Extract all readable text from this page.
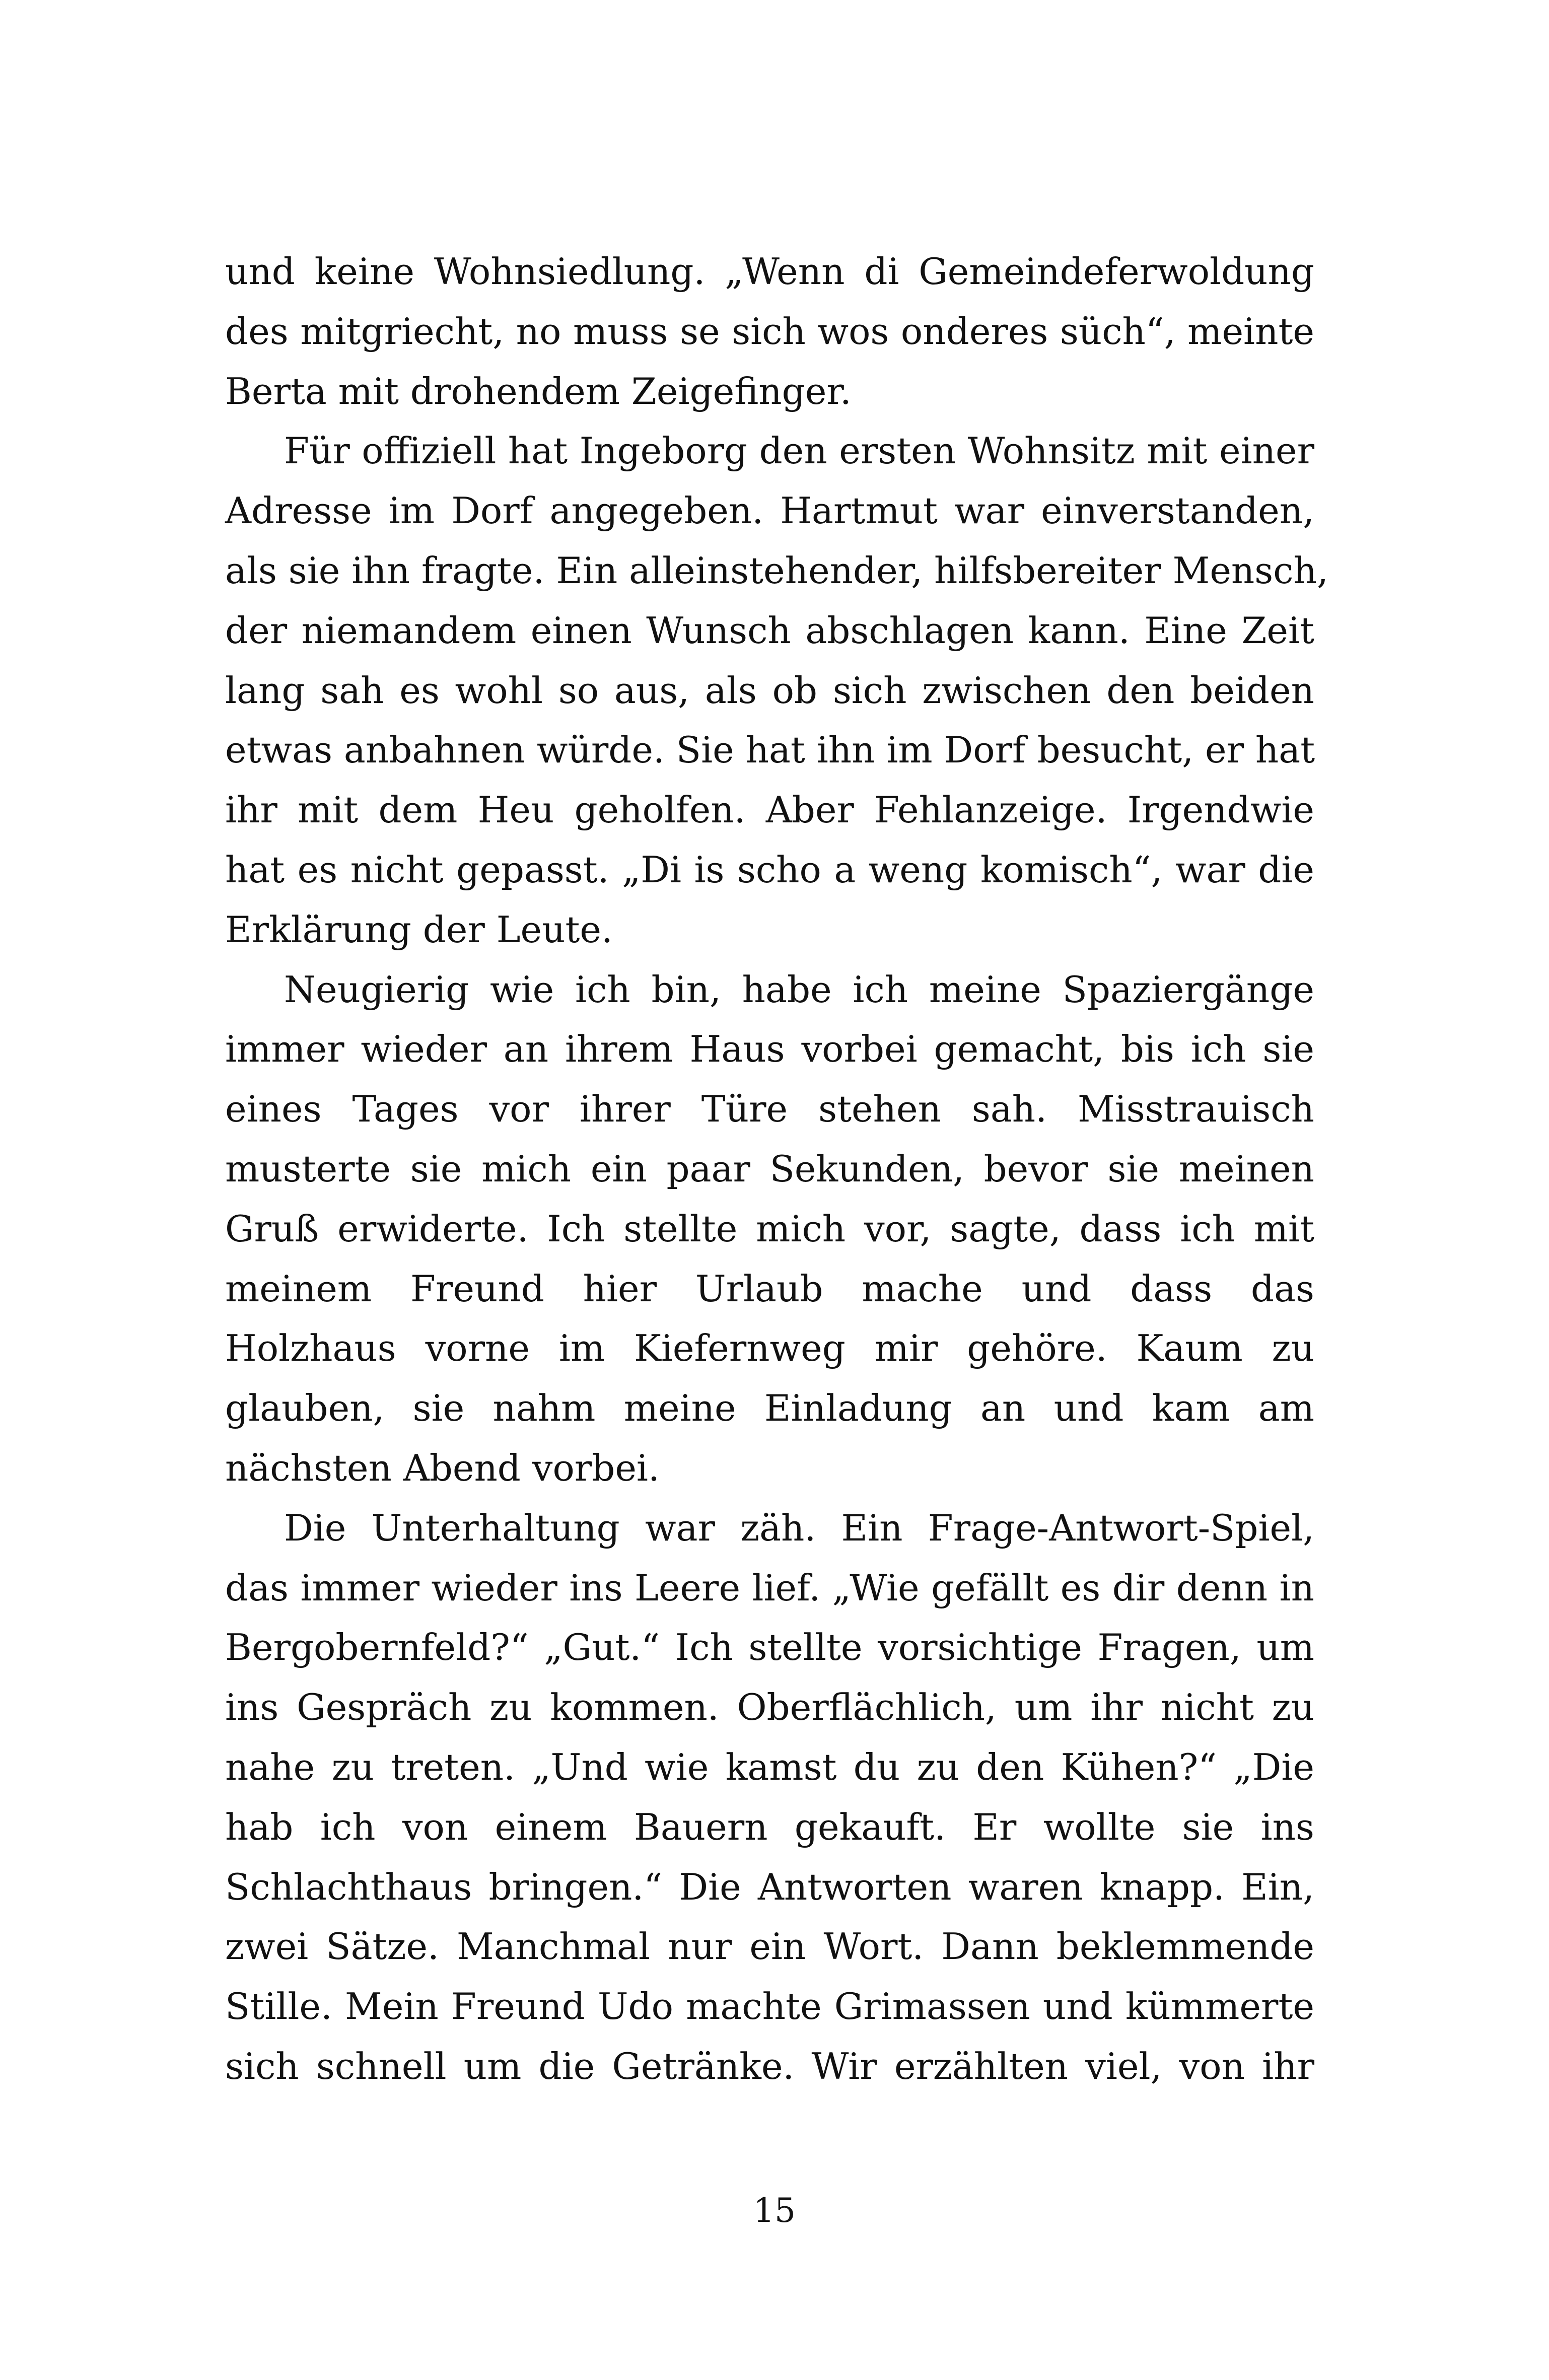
und keine Wohnsiedlung. „Wenn di Gemeindeferwoldung
des mitgriecht, no muss se sich wos onderes süch“, meinte
Berta mit drohendem Zeigefinger.
Für offiziell hat Ingeborg den ersten Wohnsitz mit einer
Adresse im Dorf angegeben. Hartmut war einverstanden,
als sie ihn fragte. Ein alleinstehender, hilfsbereiter Mensch,
der niemandem einen Wunsch abschlagen kann. Eine Zeit
lang sah es wohl so aus, als ob sich zwischen den beiden
etwas anbahnen würde. Sie hat ihn im Dorf besucht, er hat
ihr mit dem Heu geholfen. Aber Fehlanzeige. Irgendwie
hat es nicht gepasst. „Di is scho a weng komisch“, war die
Erklärung der Leute.
Neugierig wie ich bin, habe ich meine Spaziergänge
immer wieder an ihrem Haus vorbei gemacht, bis ich sie
eines Tages vor ihrer Türe stehen sah. Misstrauisch
musterte sie mich ein paar Sekunden, bevor sie meinen
Gruß erwiderte. Ich stellte mich vor, sagte, dass ich mit
meinem Freund hier Urlaub mache und dass das
Holzhaus vorne im Kiefernweg mir gehöre. Kaum zu
glauben, sie nahm meine Einladung an und kam am
nächsten Abend vorbei.
Die Unterhaltung war zäh. Ein Frage-Antwort-Spiel,
das immer wieder ins Leere lief. „Wie gefällt es dir denn in
Bergobernfeld?“ „Gut.“ Ich stellte vorsichtige Fragen, um
ins Gespräch zu kommen. Oberflächlich, um ihr nicht zu
nahe zu treten. „Und wie kamst du zu den Kühen?“ „Die
hab ich von einem Bauern gekauft. Er wollte sie ins
Schlachthaus bringen.“ Die Antworten waren knapp. Ein,
zwei Sätze. Manchmal nur ein Wort. Dann beklemmende
Stille. Mein Freund Udo machte Grimassen und kümmerte
sich schnell um die Getränke. Wir erzählten viel, von ihr
15
